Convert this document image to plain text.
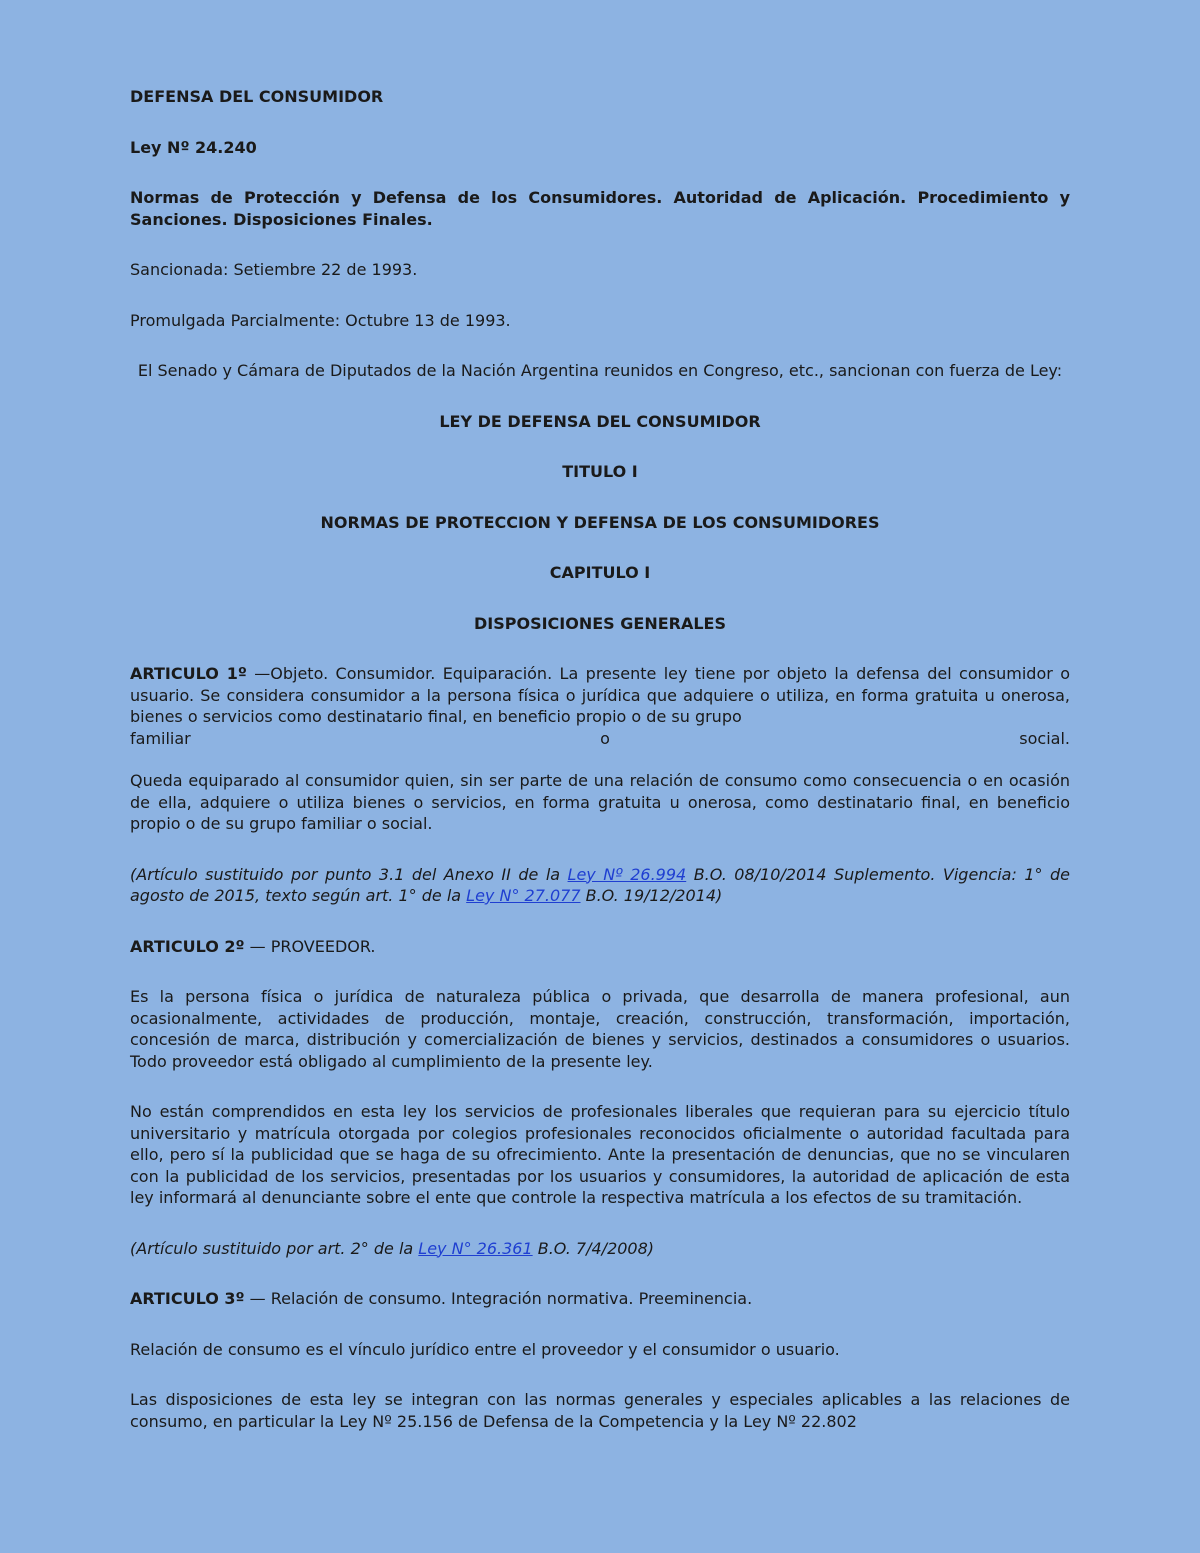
DEFENSA DEL CONSUMIDOR

Ley Nº 24.240

Normas de Protección y Defensa de los Consumidores. Autoridad de Aplicación. Procedimiento y Sanciones. Disposiciones Finales.

Sancionada: Setiembre 22 de 1993.

Promulgada Parcialmente: Octubre 13 de 1993.

El Senado y Cámara de Diputados de la Nación Argentina reunidos en Congreso, etc., sancionan con fuerza de Ley:

LEY DE DEFENSA DEL CONSUMIDOR

TITULO I

NORMAS DE PROTECCION Y DEFENSA DE LOS CONSUMIDORES

CAPITULO I

DISPOSICIONES GENERALES

ARTICULO 1º —Objeto. Consumidor. Equiparación. La presente ley tiene por objeto la defensa del consumidor o usuario. Se considera consumidor a la persona física o jurídica que adquiere o utiliza, en forma gratuita u onerosa, bienes o servicios como destinatario final, en beneficio propio o de su grupo
familiar	o	social.

Queda equiparado al consumidor quien, sin ser parte de una relación de consumo como consecuencia o en ocasión de ella, adquiere o utiliza bienes o servicios, en forma gratuita u onerosa, como destinatario final, en beneficio propio o de su grupo familiar o social.

(Artículo sustituido por punto 3.1 del Anexo II de la Ley Nº 26.994 B.O. 08/10/2014 Suplemento. Vigencia: 1° de agosto de 2015, texto según art. 1° de la Ley N° 27.077 B.O. 19/12/2014)

ARTICULO 2º — PROVEEDOR.

Es la persona física o jurídica de naturaleza pública o privada, que desarrolla de manera profesional, aun ocasionalmente, actividades de producción, montaje, creación, construcción, transformación, importación, concesión de marca, distribución y comercialización de bienes y servicios, destinados a consumidores o usuarios. Todo proveedor está obligado al cumplimiento de la presente ley.

No están comprendidos en esta ley los servicios de profesionales liberales que requieran para su ejercicio título universitario y matrícula otorgada por colegios profesionales reconocidos oficialmente o autoridad facultada para ello, pero sí la publicidad que se haga de su ofrecimiento. Ante la presentación de denuncias, que no se vincularen con la publicidad de los servicios, presentadas por los usuarios y consumidores, la autoridad de aplicación de esta ley informará al denunciante sobre el ente que controle la respectiva matrícula a los efectos de su tramitación.

(Artículo sustituido por art. 2° de la Ley N° 26.361 B.O. 7/4/2008)

ARTICULO 3º — Relación de consumo. Integración normativa. Preeminencia.

Relación de consumo es el vínculo jurídico entre el proveedor y el consumidor o usuario.

Las disposiciones de esta ley se integran con las normas generales y especiales aplicables a las relaciones de consumo, en particular la Ley Nº 25.156 de Defensa de la Competencia y la Ley Nº 22.802
